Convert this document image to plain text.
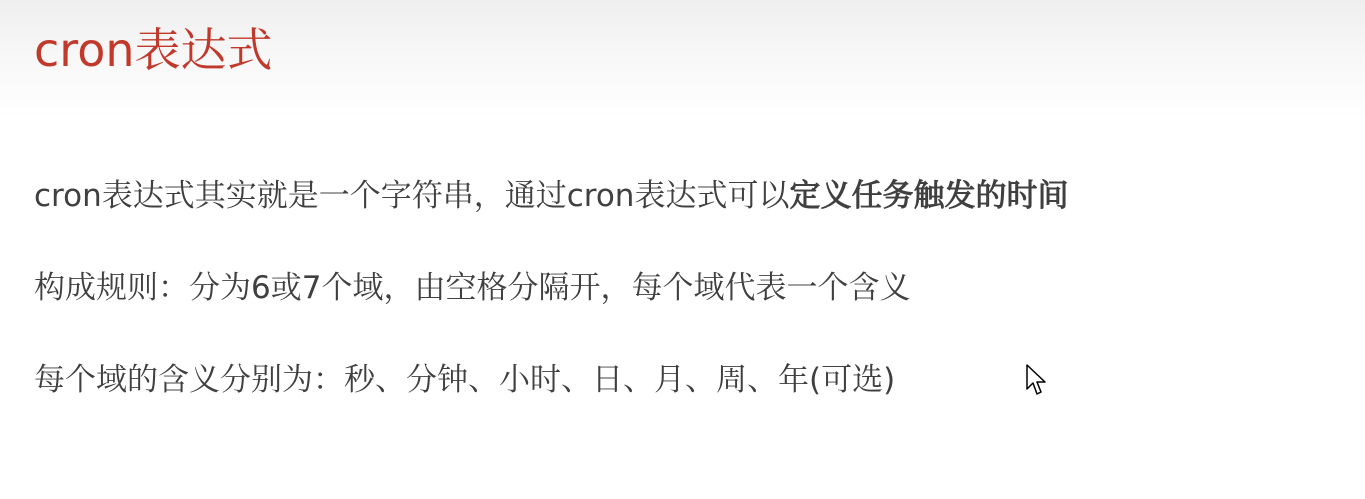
cron表达式

cron表达式其实就是一个字符串，通过cron表达式可以定义任务触发的时间

构成规则：分为6或7个域，由空格分隔开，每个域代表一个含义

每个域的含义分别为：秒、分钟、小时、日、月、周、年(可选)
